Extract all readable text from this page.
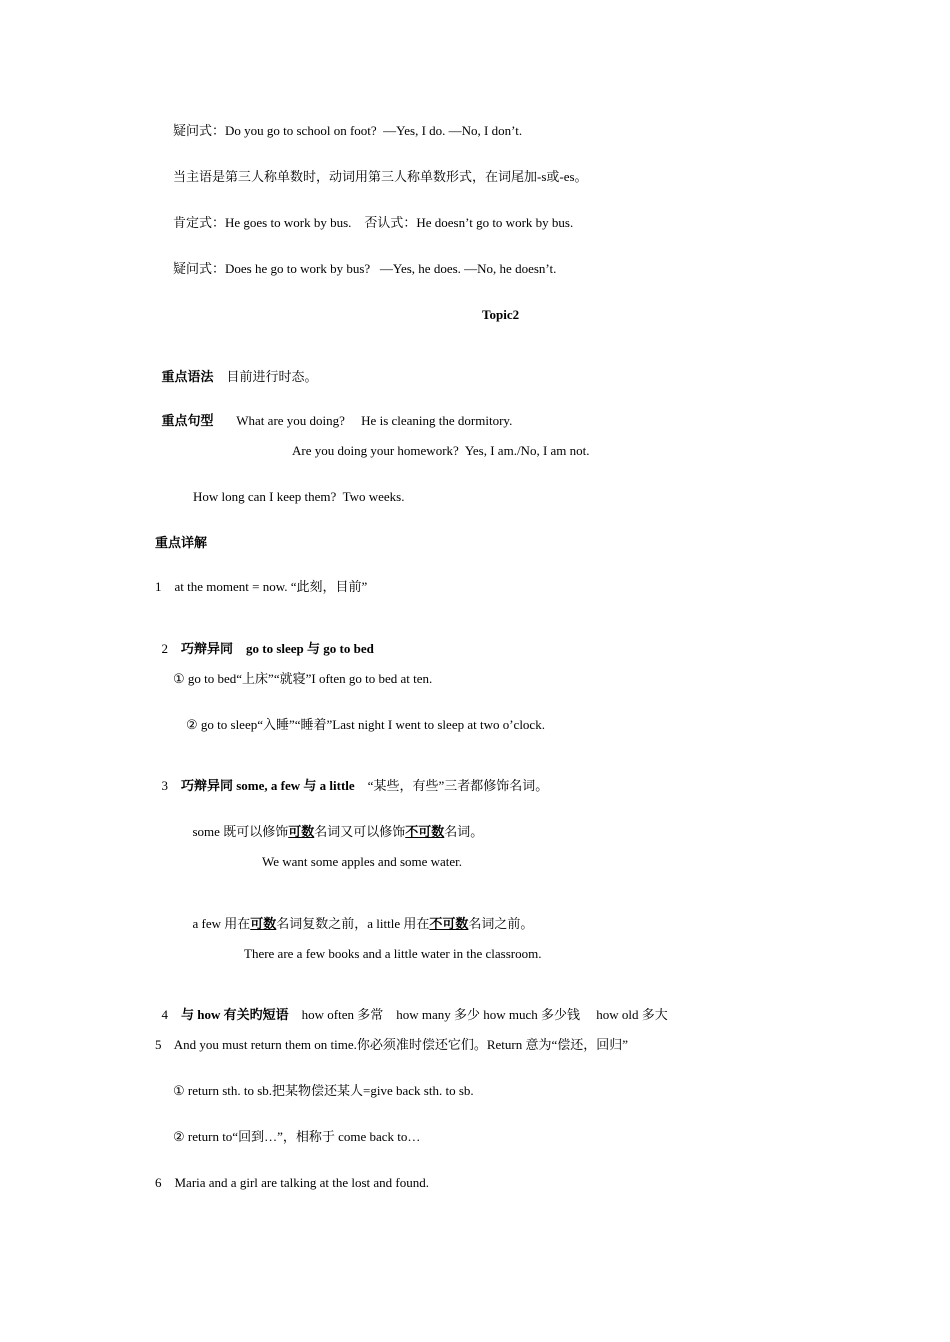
疑问式：Do you go to school on foot?  —Yes, I do. —No, I don’t.
当主语是第三人称单数时，动词用第三人称单数形式，在词尾加-s或-es。
肯定式：He goes to work by bus.    否认式：He doesn’t go to work by bus.
疑问式：Does he go to work by bus?   —Yes, he does. —No, he doesn’t.
Topic2

重点语法 目前进行时态。

重点句型 What are you doing?     He is cleaning the dormitory.

Are you doing your homework?  Yes, I am./No, I am not.
How long can I keep them?  Two weeks.
重点详解
1    at the moment = now. “此刻，目前”

2 巧辩异同    go to sleep 与 go to bed

① go to bed“上床”“就寝”I often go to bed at ten.
② go to sleep“入睡”“睡着”Last night I went to sleep at two o’clock.

3 巧辩异同 some, a few 与 a little    “某些，有些”三者都修饰名词。

some 既可以修饰可数名词又可以修饰不可数名词。

We want some apples and some water.

a few 用在可数名词复数之前，a little 用在不可数名词之前。

There are a few books and a little water in the classroom.

4 与 how 有关旳短语    how often 多常    how many 多少 how much 多少钱     how old 多大

5    And you must return them on time.你必须准时偿还它们。Return 意为“偿还，回归”
① return sth. to sb.把某物偿还某人=give back sth. to sb.
② return to“回到…”，相称于 come back to…
6    Maria and a girl are talking at the lost and found.
